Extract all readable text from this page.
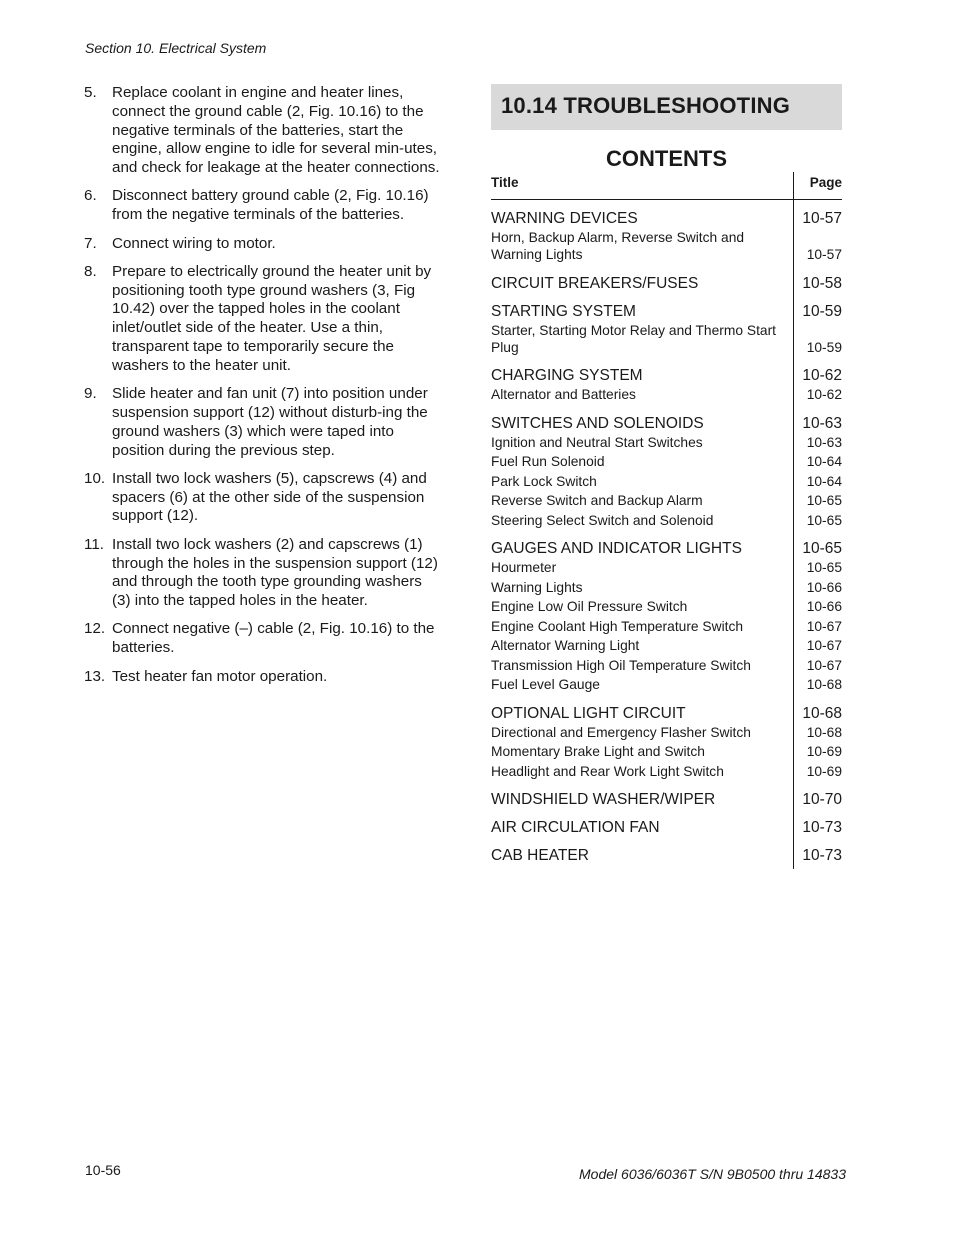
Section 10. Electrical System
5.	Replace coolant in engine and heater lines, connect the ground cable (2, Fig. 10.16) to the negative terminals of the batteries, start the engine, allow engine to idle for several min-utes, and check for leakage at the heater connections.
6.	Disconnect battery ground cable (2, Fig. 10.16) from the negative terminals of the batteries.
7.	Connect wiring to motor.
8.	Prepare to electrically ground the heater unit by positioning tooth type ground washers (3, Fig 10.42) over the tapped holes in the coolant inlet/outlet side of the heater. Use a thin, transparent tape to temporarily secure the washers to the heater unit.
9.	Slide heater and fan unit (7) into position under suspension support (12) without disturb-ing the ground washers (3) which were taped into position during the previous step.
10. Install two lock washers (5), capscrews (4) and spacers (6) at the other side of the suspension support (12).
11. Install two lock washers (2) and capscrews (1) through the holes in the suspension support (12) and through the tooth type grounding washers (3) into the tapped holes in the heater.
12. Connect negative (–) cable (2, Fig. 10.16) to the batteries.
13. Test heater fan motor operation.
10.14 TROUBLESHOOTING
CONTENTS
Title	Page
WARNING DEVICES	10-57
Horn, Backup Alarm, Reverse Switch and Warning Lights	10-57
CIRCUIT BREAKERS/FUSES	10-58
STARTING SYSTEM	10-59
Starter, Starting Motor Relay and Thermo Start Plug	10-59
CHARGING SYSTEM	10-62
Alternator and Batteries	10-62
SWITCHES AND SOLENOIDS	10-63
Ignition and Neutral Start Switches	10-63
Fuel Run Solenoid	10-64
Park Lock Switch	10-64
Reverse Switch and Backup Alarm	10-65
Steering Select Switch and Solenoid	10-65
GAUGES AND INDICATOR LIGHTS	10-65
Hourmeter	10-65
Warning Lights	10-66
Engine Low Oil Pressure Switch	10-66
Engine Coolant High Temperature Switch	10-67
Alternator Warning Light	10-67
Transmission High Oil Temperature Switch	10-67
Fuel Level Gauge	10-68
OPTIONAL LIGHT CIRCUIT	10-68
Directional and Emergency Flasher Switch	10-68
Momentary Brake Light and Switch	10-69
Headlight and Rear Work Light Switch	10-69
WINDSHIELD WASHER/WIPER	10-70
AIR CIRCULATION FAN	10-73
CAB HEATER	10-73
10-56	Model 6036/6036T S/N 9B0500 thru 14833
